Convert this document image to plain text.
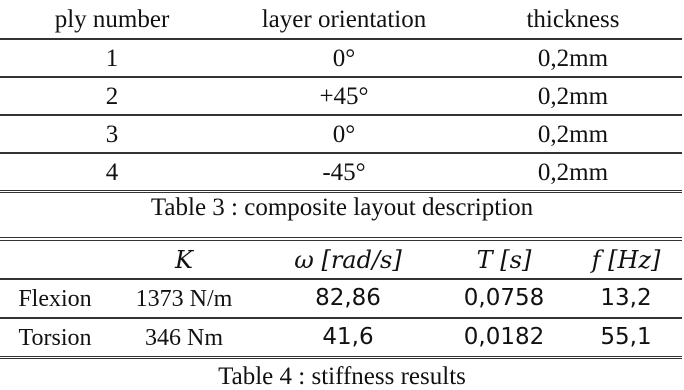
ply number	layer orientation	thickness
1	0°	0,2mm
2	+45°	0,2mm
3	0°	0,2mm
4	-45°	0,2mm
Table 3 : composite layout description
	K	ω [rad/s]	T [s]	f [Hz]
Flexion	1373 N/m	82,86	0,0758	13,2
Torsion	346 Nm	41,6	0,0182	55,1
Table 4 : stiffness results
